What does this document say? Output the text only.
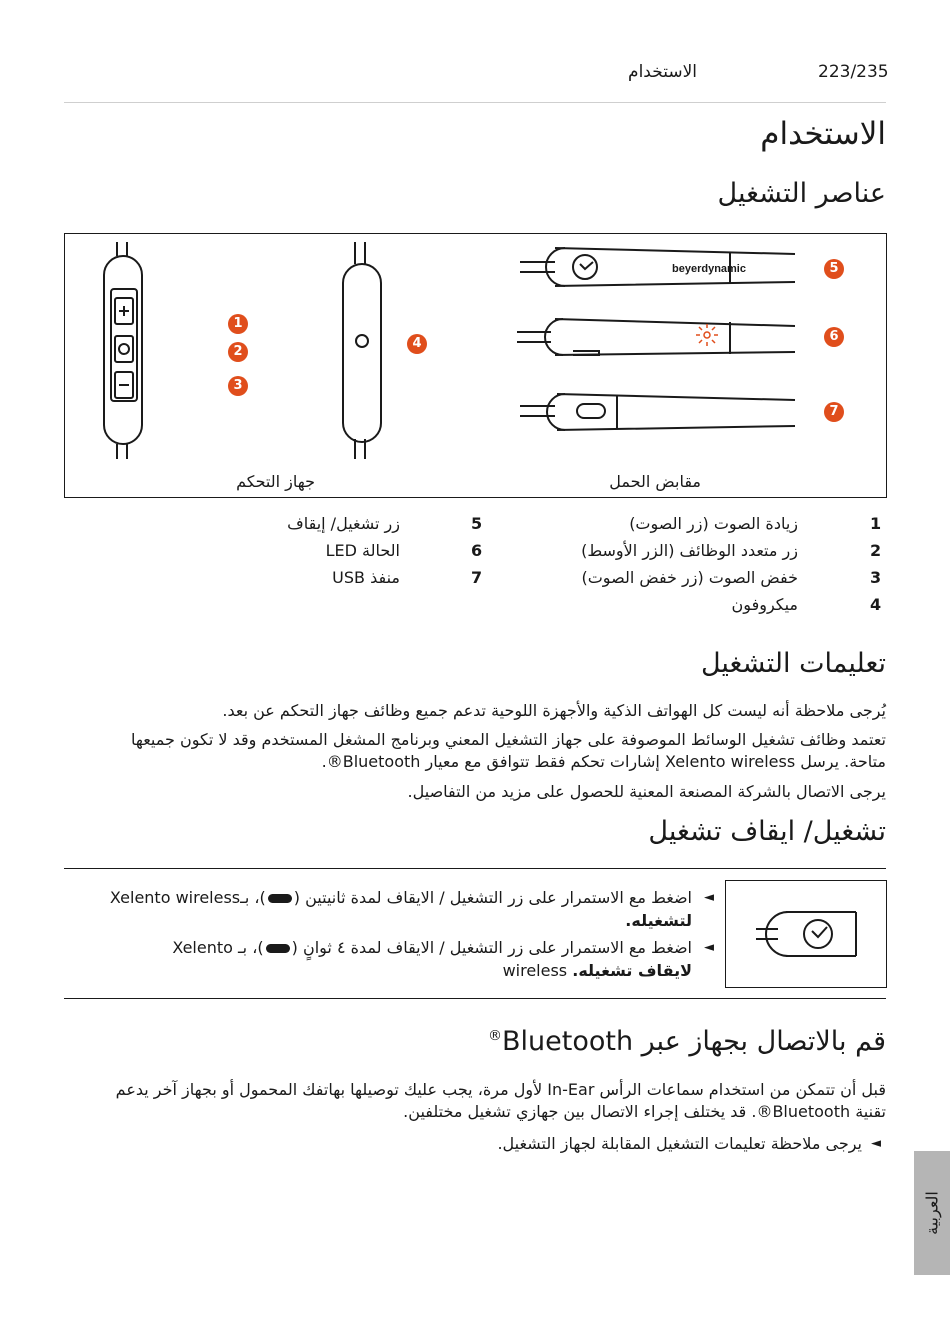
223/235
الاستخدام
الاستخدام
عناصر التشغيل
beyerdynamic
1
2
3
4
5
6
7
جهاز التحكم	مقابض الحمل
1
زيادة الصوت (زر الصوت)
2
زر متعدد الوظائف (الزر الأوسط)
3
خفض الصوت (زر خفض الصوت)
4
ميكروفون
5
زر تشغيل/ إيقاف
6
الحالة LED
7
منفذ USB
تعليمات التشغيل
يُرجى ملاحظة أنه ليست كل الهواتف الذكية والأجهزة اللوحية تدعم جميع وظائف جهاز التحكم عن بعد.
تعتمد وظائف تشغيل الوسائط الموصوفة على جهاز التشغيل المعني وبرنامج المشغل المستخدم وقد لا تكون جميعها
متاحة. يرسل Xelento wireless إشارات تحكم فقط تتوافق مع معيار Bluetooth®.
يرجى الاتصال بالشركة المصنعة المعنية للحصول على مزيد من التفاصيل.
تشغيل/ ايقاف تشغيل
اضغط مع الاستمرار على زر التشغيل / الايقاف لمدة ثانيتين ()، بـXelento wireless	◄
لتشغيله.
اضغط مع الاستمرار على زر التشغيل / الايقاف لمدة ٤ ثوانٍ ()، بـ Xelento	◄
لايقاف تشغيله. wireless
قم بالاتصال بجهاز عبر Bluetooth®
قبل أن تتمكن من استخدام سماعات الرأس In-Ear لأول مرة، يجب عليك توصيلها بهاتفك المحمول أو بجهاز آخر يدعم
تقنية Bluetooth®. قد يختلف إجراء الاتصال بين جهازي تشغيل مختلفين.
يرجى ملاحظة تعليمات التشغيل المقابلة لجهاز التشغيل. ◄
العربية
